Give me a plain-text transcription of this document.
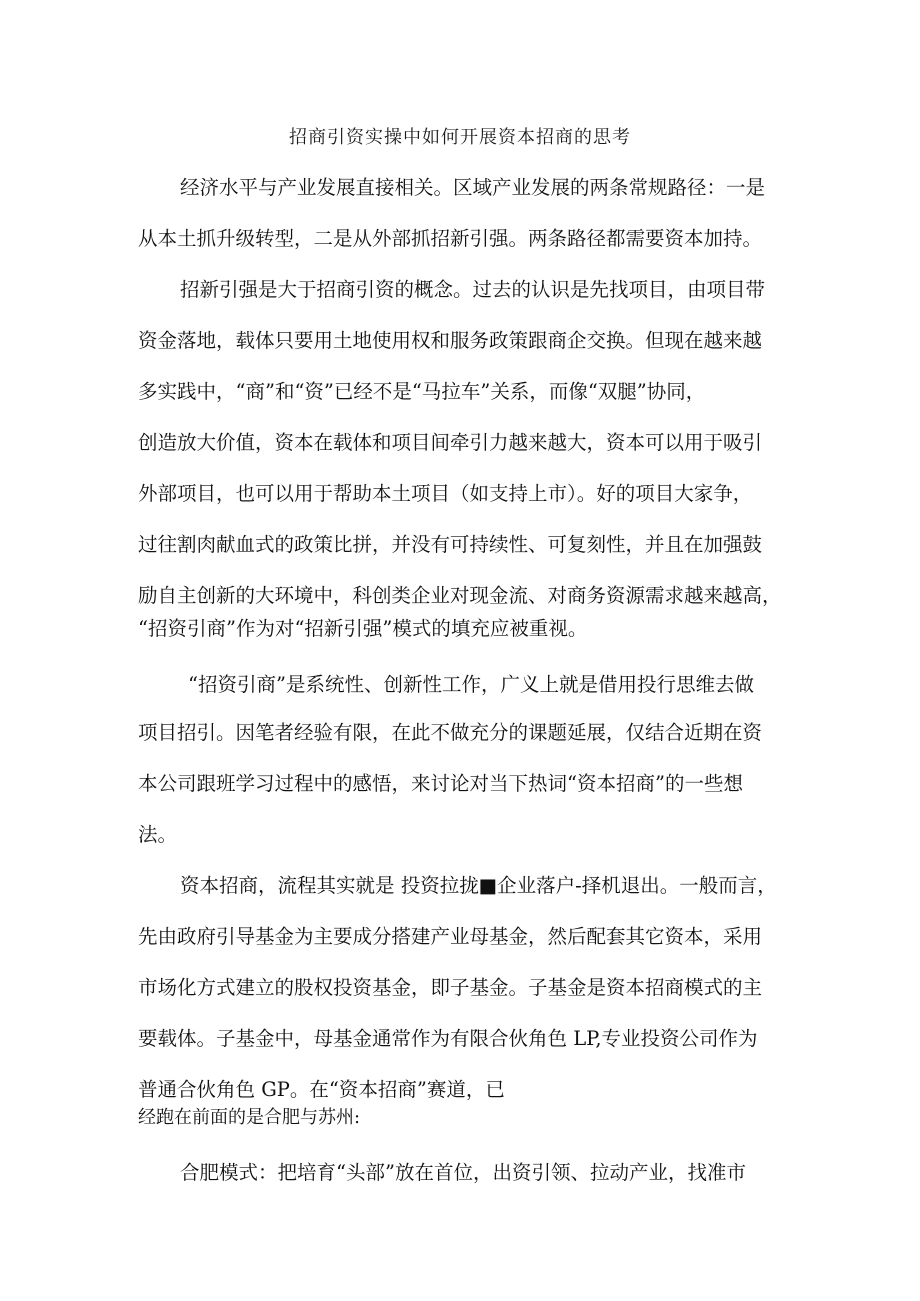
招商引资实操中如何开展资本招商的思考
经济水平与产业发展直接相关。区域产业发展的两条常规路径：一是
从本土抓升级转型，二是从外部抓招新引强。两条路径都需要资本加持。
招新引强是大于招商引资的概念。过去的认识是先找项目，由项目带
资金落地，载体只要用土地使用权和服务政策跟商企交换。但现在越来越
多实践中，“商”和“资”已经不是“马拉车”关系，而像“双腿”协同，
创造放大价值，资本在载体和项目间牵引力越来越大，资本可以用于吸引
外部项目，也可以用于帮助本土项目（如支持上市）。好的项目大家争，
过往割肉献血式的政策比拼，并没有可持续性、可复刻性，并且在加强鼓
励自主创新的大环境中，科创类企业对现金流、对商务资源需求越来越高，
“招资引商”作为对“招新引强”模式的填充应被重视。
“招资引商”是系统性、创新性工作，广义上就是借用投行思维去做
项目招引。因笔者经验有限，在此不做充分的课题延展，仅结合近期在资
本公司跟班学习过程中的感悟，来讨论对当下热词“资本招商”的一些想
法。
资本招商，流程其实就是 投资拉拢■企业落户-择机退出。一般而言，
先由政府引导基金为主要成分搭建产业母基金，然后配套其它资本，采用
市场化方式建立的股权投资基金，即子基金。子基金是资本招商模式的主
要载体。子基金中，母基金通常作为有限合伙角色 LP,专业投资公司作为
普通合伙角色 GP。在“资本招商”赛道，已
经跑在前面的是合肥与苏州:
合肥模式：把培育“头部”放在首位，出资引领、拉动产业，找准市
